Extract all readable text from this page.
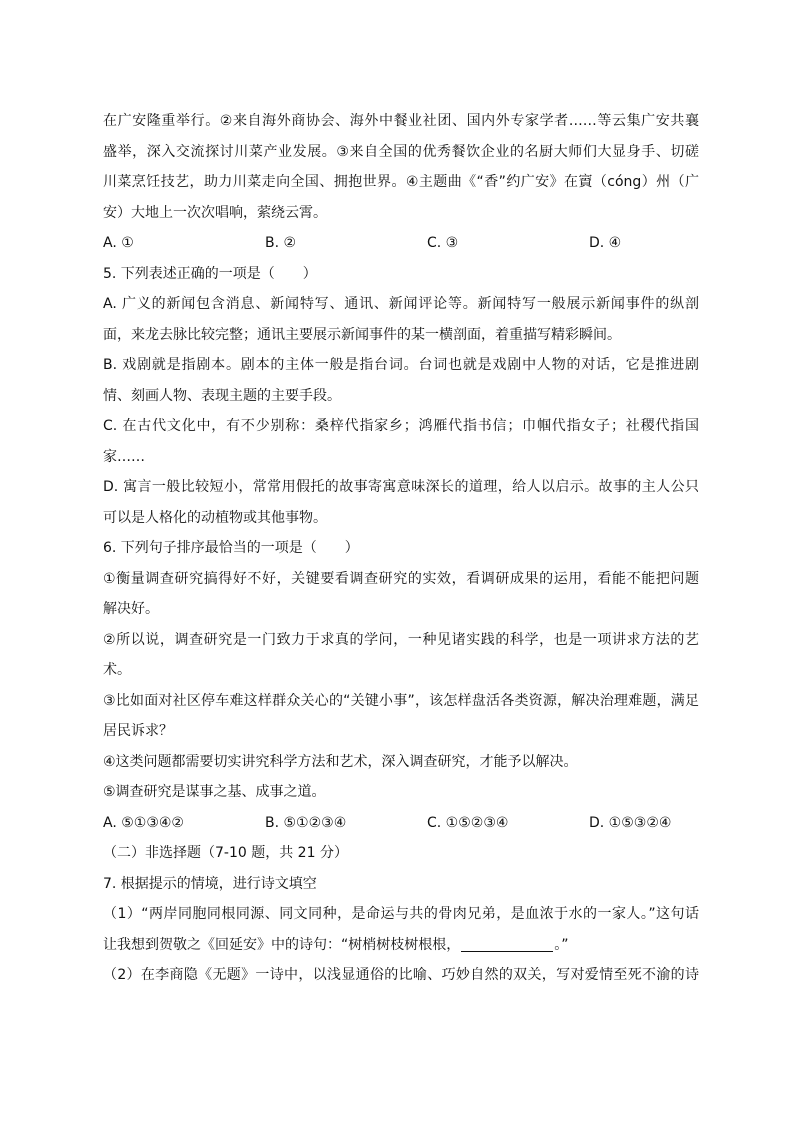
在广安隆重举行。②来自海外商协会、海外中餐业社团、国内外专家学者……等云集广安共襄
盛举，深入交流探讨川菜产业发展。③来自全国的优秀餐饮企业的名厨大师们大显身手、切磋
川菜烹饪技艺，助力川菜走向全国、拥抱世界。④主题曲《“香”约广安》在賨（cóng）州（广
安）大地上一次次唱响，萦绕云霄。
A. ①	B. ②	C. ③	D. ④
5. 下列表述正确的一项是（　　）
A. 广义的新闻包含消息、新闻特写、通讯、新闻评论等。新闻特写一般展示新闻事件的纵剖
面，来龙去脉比较完整；通讯主要展示新闻事件的某一横剖面，着重描写精彩瞬间。
B. 戏剧就是指剧本。剧本的主体一般是指台词。台词也就是戏剧中人物的对话，它是推进剧
情、刻画人物、表现主题的主要手段。
C. 在古代文化中，有不少别称：桑梓代指家乡；鸿雁代指书信；巾帼代指女子；社稷代指国
家……
D. 寓言一般比较短小，常常用假托的故事寄寓意味深长的道理，给人以启示。故事的主人公只
可以是人格化的动植物或其他事物。
6. 下列句子排序最恰当的一项是（　　）
①衡量调查研究搞得好不好，关键要看调查研究的实效，看调研成果的运用，看能不能把问题
解决好。
②所以说，调查研究是一门致力于求真的学问，一种见诸实践的科学，也是一项讲求方法的艺
术。
③比如面对社区停车难这样群众关心的“关键小事”，该怎样盘活各类资源，解决治理难题，满足
居民诉求？
④这类问题都需要切实讲究科学方法和艺术，深入调查研究，才能予以解决。
⑤调查研究是谋事之基、成事之道。
A. ⑤①③④②	B. ⑤①②③④	C. ①⑤②③④	D. ①⑤③②④
（二）非选择题（7-10 题，共 21 分）
7. 根据提示的情境，进行诗文填空
（1）“两岸同胞同根同源、同文同种，是命运与共的骨肉兄弟，是血浓于水的一家人。”这句话
让我想到贺敬之《回延安》中的诗句：“树梢树枝树根根，	。”
（2）在李商隐《无题》一诗中，以浅显通俗的比喻、巧妙自然的双关，写对爱情至死不渝的诗
